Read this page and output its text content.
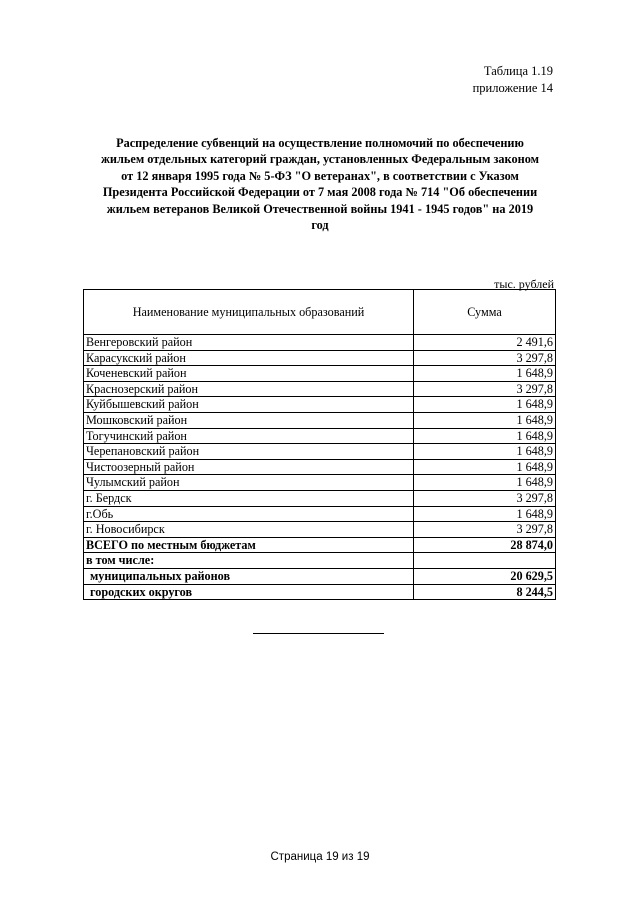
Таблица 1.19
приложение 14
Распределение субвенций на осуществление полномочий по обеспечению
жильем отдельных категорий граждан, установленных Федеральным законом
от 12 января 1995 года № 5-ФЗ "О ветеранах", в соответствии с Указом
Президента Российской Федерации от 7 мая 2008 года № 714 "Об обеспечении
жильем ветеранов Великой Отечественной войны 1941 - 1945 годов" на 2019
год
тыс. рублей
Наименование муниципальных образований	Сумма
Венгеровский район	2 491,6
Карасукский район	3 297,8
Коченевский район	1 648,9
Краснозерский район	3 297,8
Куйбышевский район	1 648,9
Мошковский район	1 648,9
Тогучинский район	1 648,9
Черепановский район	1 648,9
Чистоозерный район	1 648,9
Чулымский район	1 648,9
г. Бердск	3 297,8
г.Обь	1 648,9
г. Новосибирск	3 297,8
ВСЕГО по местным бюджетам	28 874,0
в том числе:	
муниципальных районов	20 629,5
городских округов	8 244,5
Страница 19 из 19
